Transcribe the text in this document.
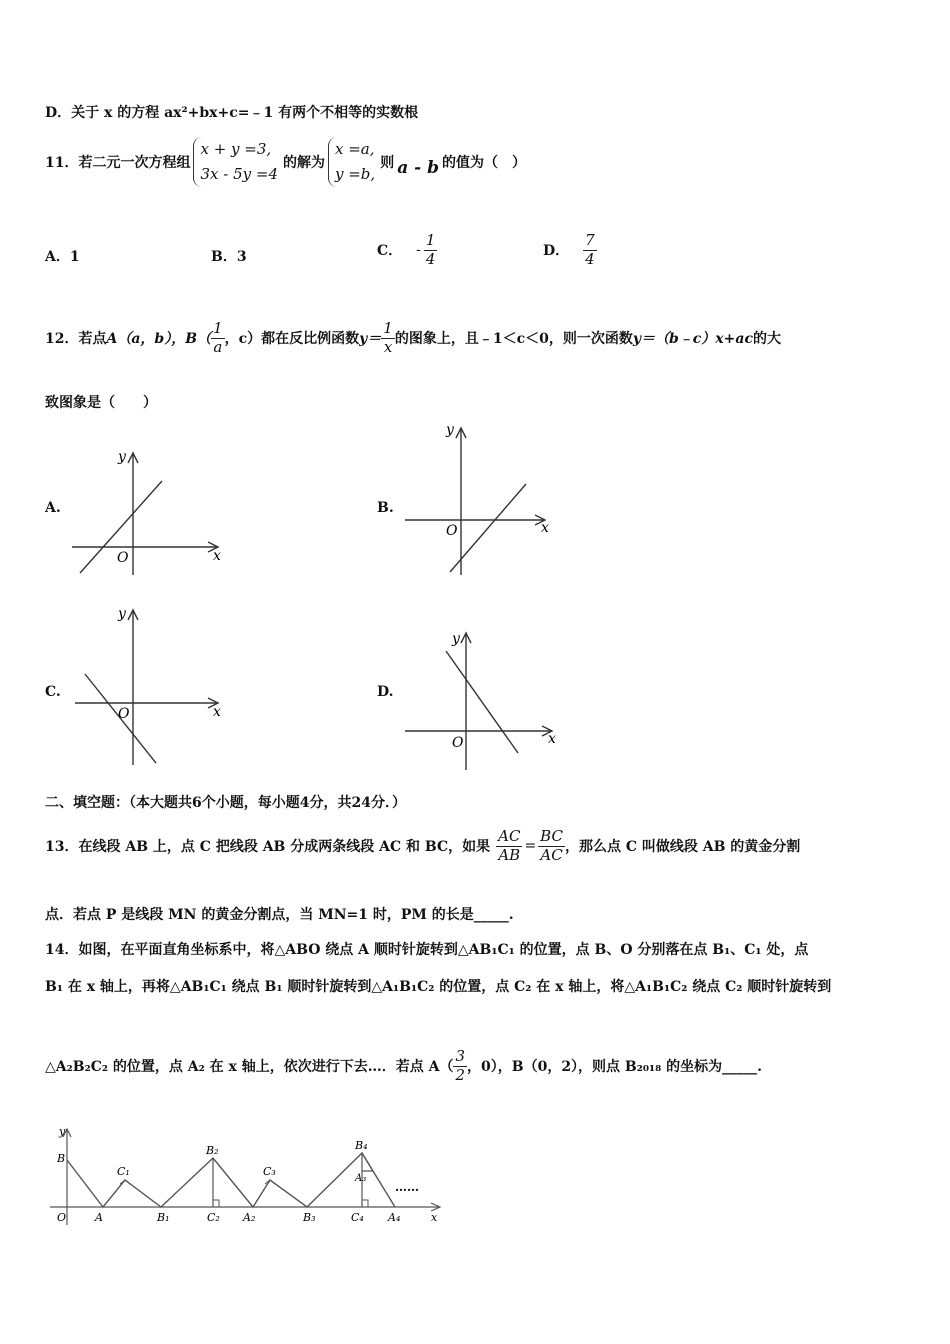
D．关于 x 的方程 ax²+bx+c=﹣1 有两个不相等的实数根
11．若二元一次方程组
x + y =3,
3x - 5y =4
的解为
x =a,
y =b,
则 a - b 的值为（　）
A．1	B．3	C． - $\frac{1}{4}$	D． $\frac{7}{4}$
12．若点 A（a，b）， $B( \frac{1}{a}$ ，c）都在反比例函数 $y= \frac{1}{x}$ 的图象上，且﹣1＜c＜0，则一次函数 y＝（b﹣c）x+ac 的大
致图象是（　　）
A.
O	x
y
B.
O	x
y
C.
O	x
y
D.
O	x
y
二、填空题：（本大题共6个小题，每小题4分，共24分．）
13．在线段 AB 上，点 C 把线段 AB 分成两条线段 AC 和 BC，如果 $\frac{AC}{AB} = \frac{BC}{AC}$ ，那么点 C 叫做线段 AB 的黄金分割
点．若点 P 是线段 MN 的黄金分割点，当 MN=1 时，PM 的长是_____.
14．如图，在平面直角坐标系中，将△ABO 绕点 A 顺时针旋转到△AB₁C₁ 的位置，点 B、O 分别落在点 B₁、C₁ 处，点
B₁ 在 x 轴上，再将△AB₁C₁ 绕点 B₁ 顺时针旋转到△A₁B₁C₂ 的位置，点 C₂ 在 x 轴上，将△A₁B₁C₂ 绕点 C₂ 顺时针旋转到
△A₂B₂C₂ 的位置，点 A₂ 在 x 轴上，依次进行下去…．若点 $A( \frac{3}{2}$ ，0），B（0，2），则点 B₂₀₁₈ 的坐标为_____.
B
C₁
B₂
C₃
B₄
A₃
O	A	B₁	C₂ A₂	B₃	C₄ A₄	x
y
……
